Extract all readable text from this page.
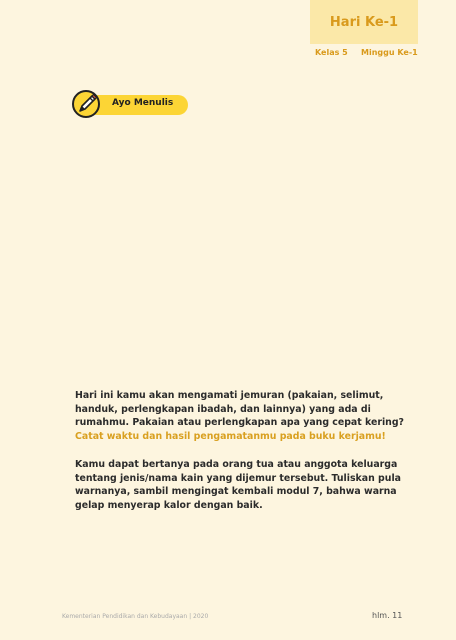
Hari Ke-1
Kelas 5 Minggu Ke-1
Ayo Menulis

Hari ini kamu akan mengamati jemuran (pakaian, selimut, handuk, perlengkapan ibadah, dan lainnya) yang ada di rumahmu. Pakaian atau perlengkapan apa yang cepat kering? Catat waktu dan hasil pengamatanmu pada buku kerjamu!

Kamu dapat bertanya pada orang tua atau anggota keluarga tentang jenis/nama kain yang dijemur tersebut. Tuliskan pula warnanya, sambil mengingat kembali modul 7, bahwa warna gelap menyerap kalor dengan baik.

Kementerian Pendidikan dan Kebudayaan | 2020	hlm. 11
